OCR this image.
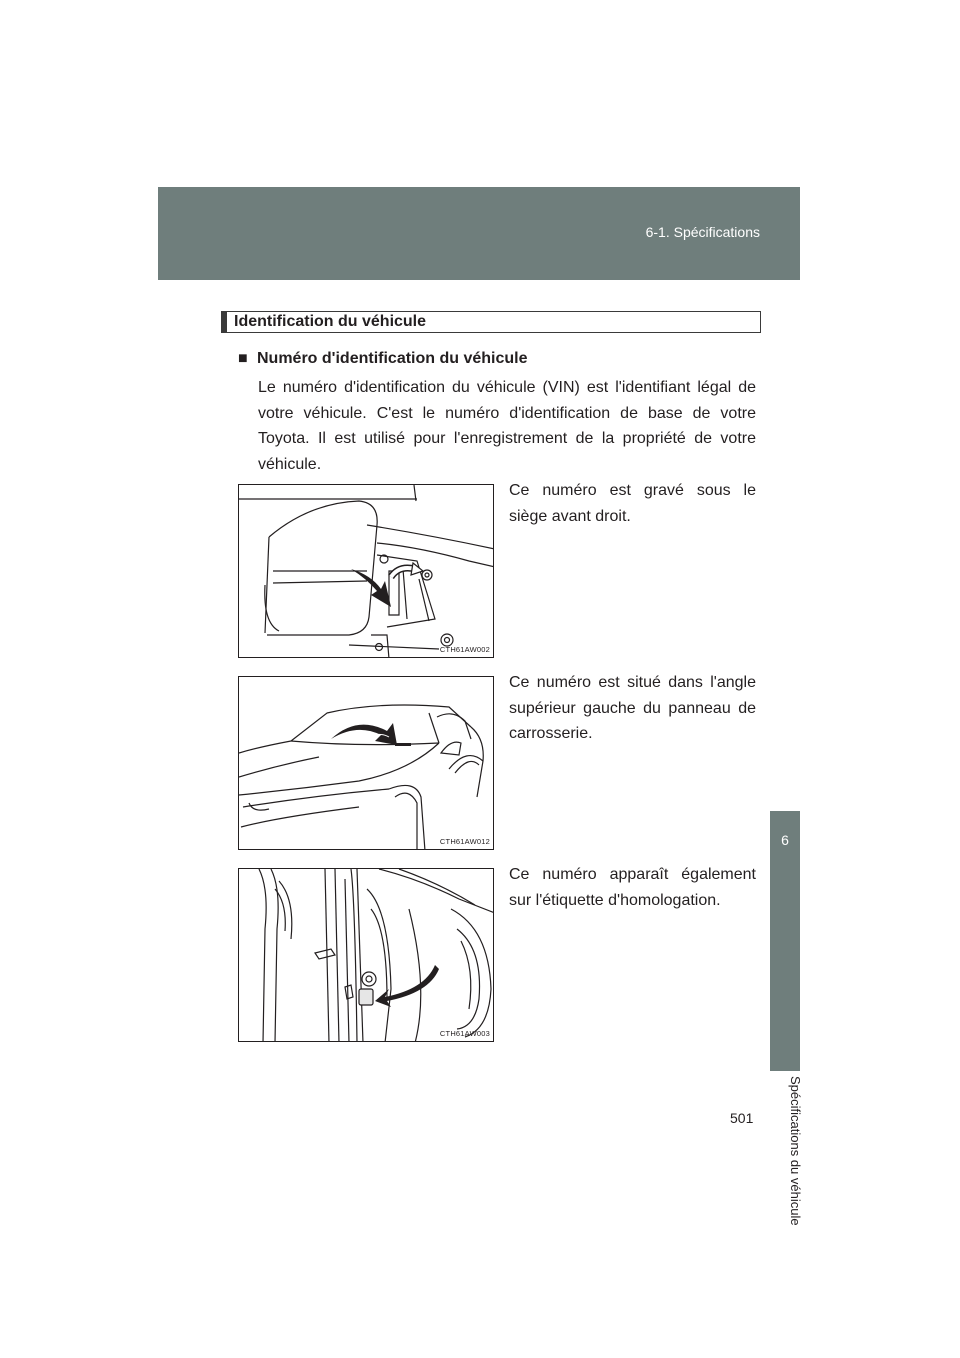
6-1. Spécifications
6
Spécifications du véhicule
Identification du véhicule
■ Numéro d'identification du véhicule
Le numéro d'identification du véhicule (VIN) est l'identifiant légal de votre véhicule. C'est le numéro d'identification de base de votre Toyota. Il est utilisé pour l'enregistrement de la propriété de votre véhicule.
CTH61AW002
Ce numéro est gravé sous le siège avant droit.
CTH61AW012
Ce numéro est situé dans l'angle supérieur gauche du panneau de carrosserie.
CTH61AW003
Ce numéro apparaît également sur l'étiquette d'homologation.
501
